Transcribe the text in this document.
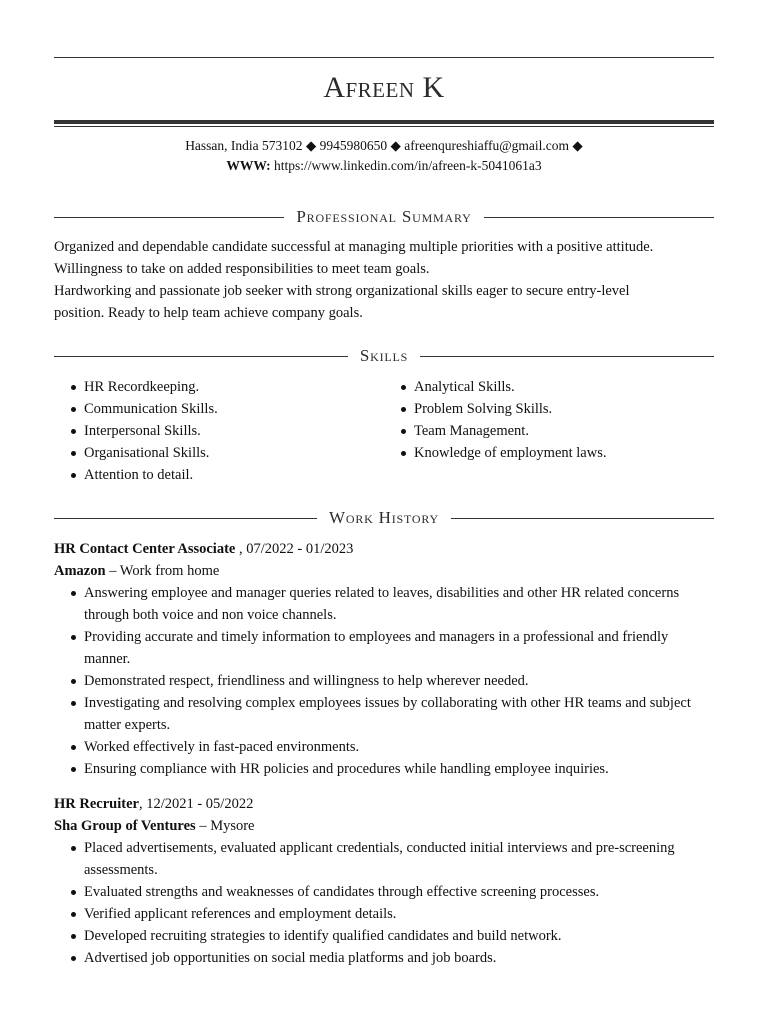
Afreen K
Hassan, India 573102 ◆ 9945980650 ◆ afreenqureshiaffu@gmail.com ◆
WWW: https://www.linkedin.com/in/afreen-k-5041061a3
Professional Summary
Organized and dependable candidate successful at managing multiple priorities with a positive attitude.
Willingness to take on added responsibilities to meet team goals.
Hardworking and passionate job seeker with strong organizational skills eager to secure entry-level
position. Ready to help team achieve company goals.
Skills
HR Recordkeeping.
Communication Skills.
Interpersonal Skills.
Organisational Skills.
Attention to detail.
Analytical Skills.
Problem Solving Skills.
Team Management.
Knowledge of employment laws.
Work History
HR Contact Center Associate , 07/2022 - 01/2023
Amazon – Work from home
Answering employee and manager queries related to leaves, disabilities and other HR related concerns through both voice and non voice channels.
Providing accurate and timely information to employees and managers in a professional and friendly manner.
Demonstrated respect, friendliness and willingness to help wherever needed.
Investigating and resolving complex employees issues by collaborating with other HR teams and subject matter experts.
Worked effectively in fast-paced environments.
Ensuring compliance with HR policies and procedures while handling employee inquiries.
HR Recruiter, 12/2021 - 05/2022
Sha Group of Ventures – Mysore
Placed advertisements, evaluated applicant credentials, conducted initial interviews and pre-screening assessments.
Evaluated strengths and weaknesses of candidates through effective screening processes.
Verified applicant references and employment details.
Developed recruiting strategies to identify qualified candidates and build network.
Advertised job opportunities on social media platforms and job boards.
